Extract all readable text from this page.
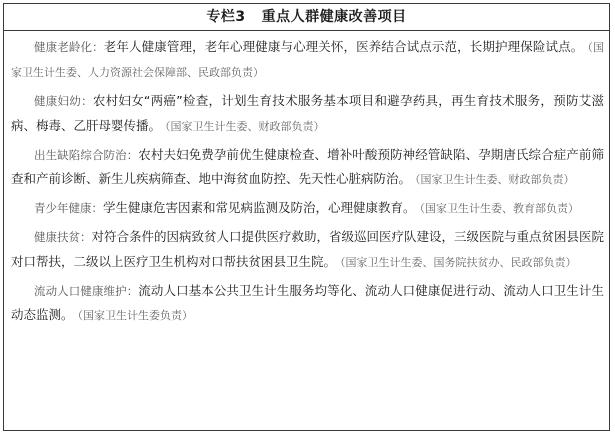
专栏3 重点人群健康改善项目
健康老龄化：老年人健康管理，老年心理健康与心理关怀，医养结合试点示范，长期护理保险试点。 （国家卫生计生委、人力资源社会保障部、民政部负责）
健康妇幼：农村妇女“两癌”检查，计划生育技术服务基本项目和避孕药具，再生育技术服务，预防艾滋病、梅毒、乙肝母婴传播。 （国家卫生计生委、财政部负责）
出生缺陷综合防治：农村夫妇免费孕前优生健康检查、增补叶酸预防神经管缺陷、孕期唐氏综合症产前筛查和产前诊断、新生儿疾病筛查、地中海贫血防控、先天性心脏病防治。 （国家卫生计生委、财政部负责）
青少年健康：学生健康危害因素和常见病监测及防治，心理健康教育。 （国家卫生计生委、教育部负责）
健康扶贫：对符合条件的因病致贫人口提供医疗救助，省级巡回医疗队建设，三级医院与重点贫困县医院对口帮扶，二级以上医疗卫生机构对口帮扶贫困县卫生院。 （国家卫生计生委、国务院扶贫办、民政部负责）
流动人口健康维护：流动人口基本公共卫生计生服务均等化、流动人口健康促进行动、流动人口卫生计生动态监测。 （国家卫生计生委负责）
